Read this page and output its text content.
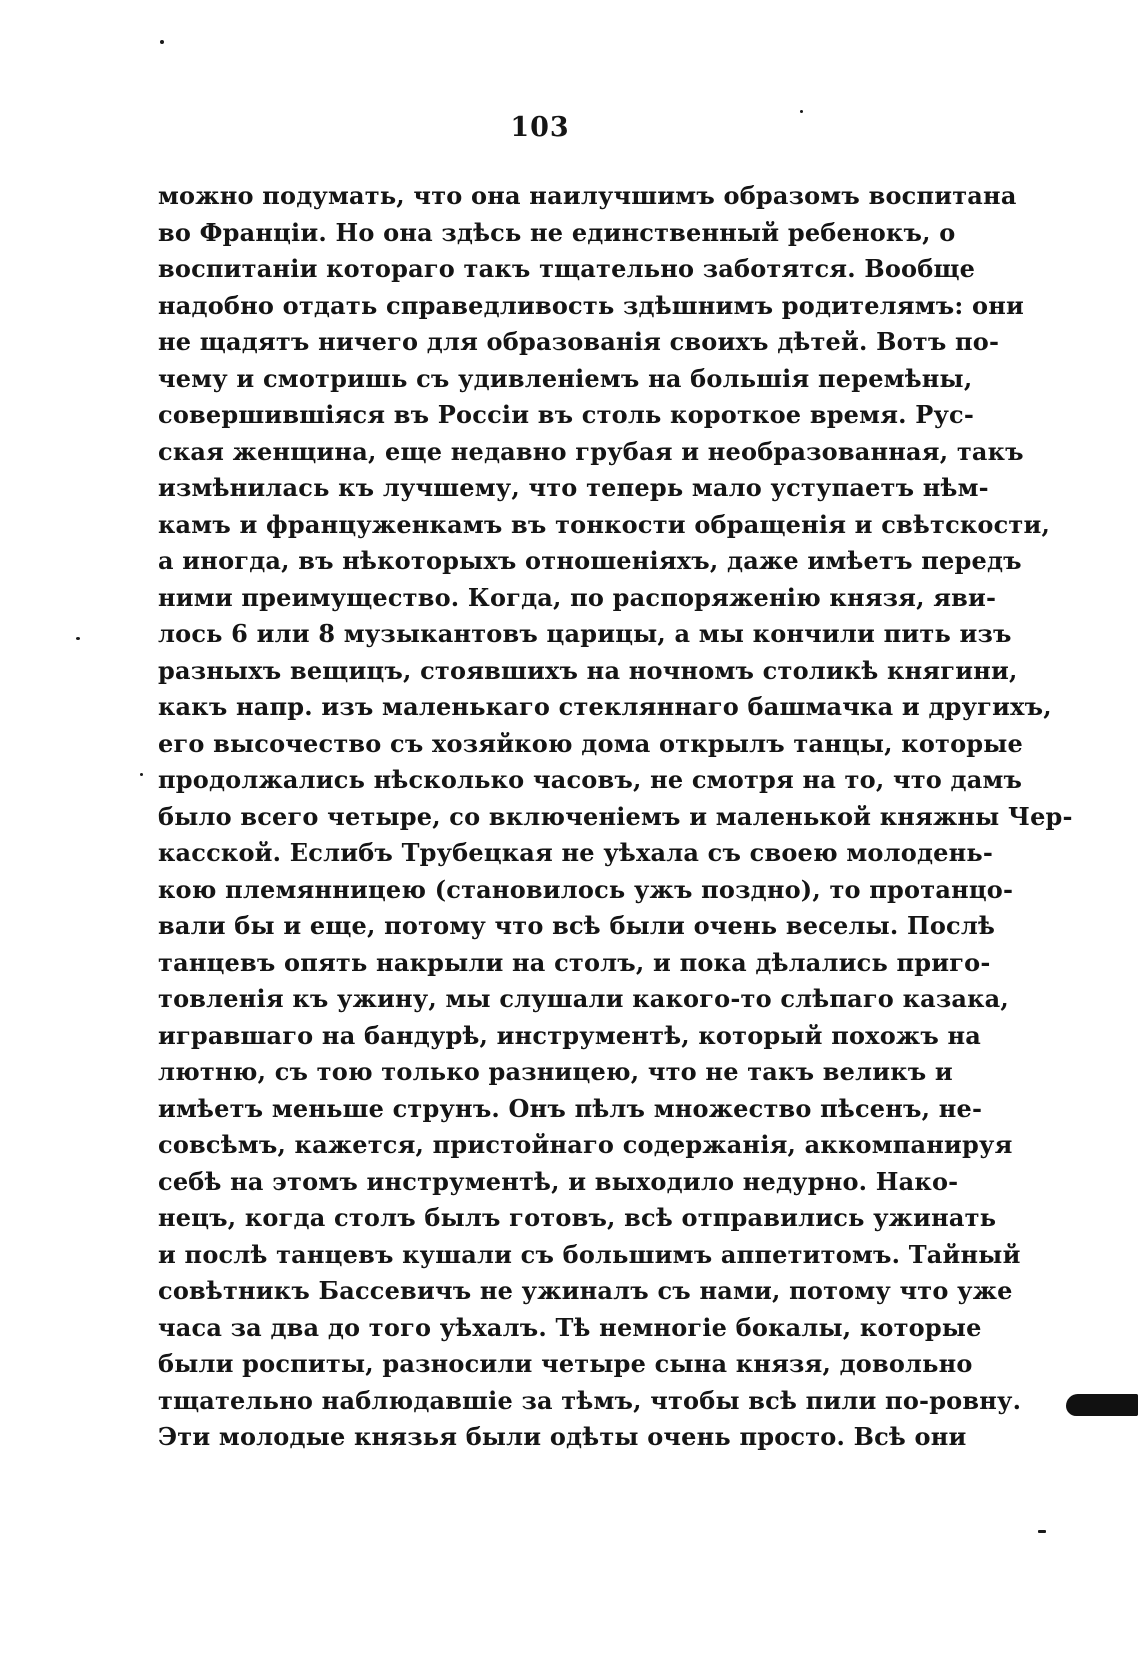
103
можно подумать, что она наилучшимъ образомъ воспитана
во Франціи. Но она здѣсь не единственный ребенокъ, о
воспитаніи котораго такъ тщательно заботятся. Вообще
надобно отдать справедливость здѣшнимъ родителямъ: они
не щадятъ ничего для образованія своихъ дѣтей. Вотъ по-
чему и смотришь съ удивленіемъ на большія перемѣны,
совершившіяся въ Россіи въ столь короткое время. Рус-
ская женщина, еще недавно грубая и необразованная, такъ
измѣнилась къ лучшему, что теперь мало уступаетъ нѣм-
камъ и француженкамъ въ тонкости обращенія и свѣтскости,
а иногда, въ нѣкоторыхъ отношеніяхъ, даже имѣетъ передъ
ними преимущество. Когда, по распоряженію князя, яви-
лось 6 или 8 музыкантовъ царицы, а мы кончили пить изъ
разныхъ вещицъ, стоявшихъ на ночномъ столикѣ княгини,
какъ напр. изъ маленькаго стекляннаго башмачка и другихъ,
его высочество съ хозяйкою дома открылъ танцы, которые
продолжались нѣсколько часовъ, не смотря на то, что дамъ
было всего четыре, со включеніемъ и маленькой княжны Чер-
касской. Еслибъ Трубецкая не уѣхала съ своею молодень-
кою племянницею (становилось ужъ поздно), то протанцо-
вали бы и еще, потому что всѣ были очень веселы. Послѣ
танцевъ опять накрыли на столъ, и пока дѣлались приго-
товленія къ ужину, мы слушали какого-то слѣпаго казака,
игравшаго на бандурѣ, инструментѣ, который похожъ на
лютню, съ тою только разницею, что не такъ великъ и
имѣетъ меньше струнъ. Онъ пѣлъ множество пѣсенъ, не-
совсѣмъ, кажется, пристойнаго содержанія, аккомпанируя
себѣ на этомъ инструментѣ, и выходило недурно. Нако-
нецъ, когда столъ былъ готовъ, всѣ отправились ужинать
и послѣ танцевъ кушали съ большимъ аппетитомъ. Тайный
совѣтникъ Бассевичъ не ужиналъ съ нами, потому что уже
часа за два до того уѣхалъ. Тѣ немногіе бокалы, которые
были роспиты, разносили четыре сына князя, довольно
тщательно наблюдавшіе за тѣмъ, чтобы всѣ пили по-ровну.
Эти молодые князья были одѣты очень просто. Всѣ они
